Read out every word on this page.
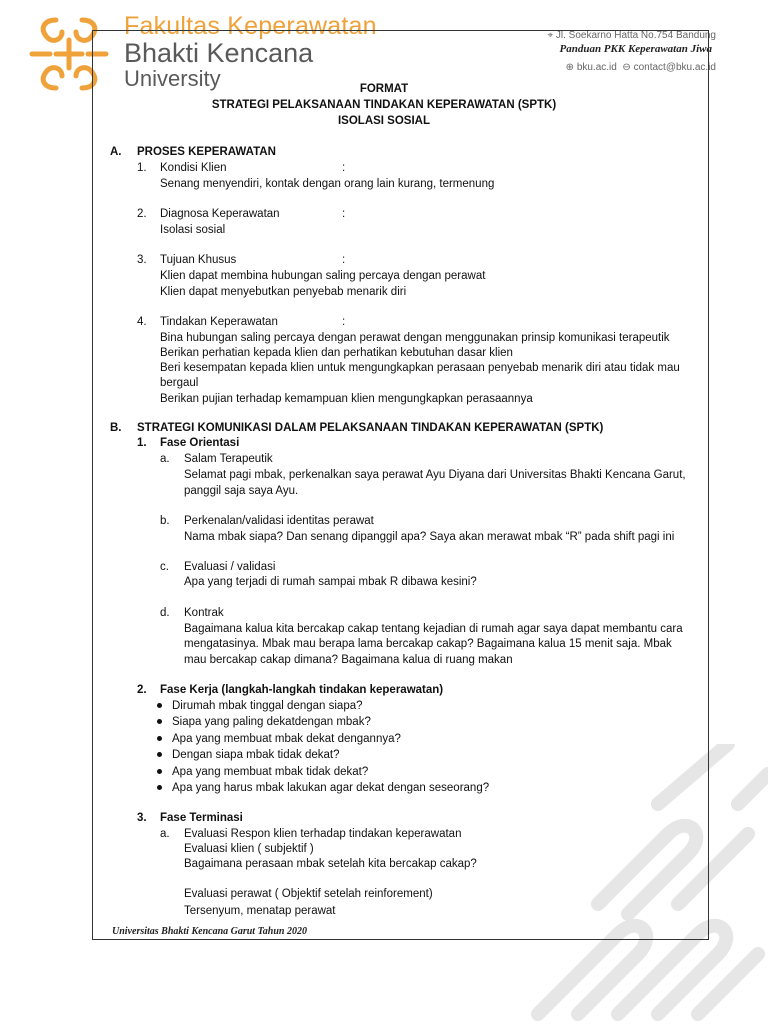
Fakultas Keperawatan
Bhakti Kencana
University
⌖ Jl. Soekarno Hatta No.754 Bandung
Panduan PKK Keperawatan Jiwa
⊕ bku.ac.id ⊖ contact@bku.ac.id
FORMAT
STRATEGI PELAKSANAAN TINDAKAN KEPERAWATAN (SPTK)
ISOLASI SOSIAL
A. PROSES KEPERAWATAN
1. Kondisi Klien	:
Senang menyendiri, kontak dengan orang lain kurang, termenung
2. Diagnosa Keperawatan	:
Isolasi sosial
3. Tujuan Khusus	:
Klien dapat membina hubungan saling percaya dengan perawat
Klien dapat menyebutkan penyebab menarik diri
4. Tindakan Keperawatan	:
Bina hubungan saling percaya dengan perawat dengan menggunakan prinsip komunikasi terapeutik
Berikan perhatian kepada klien dan perhatikan kebutuhan dasar klien
Beri kesempatan kepada klien untuk mengungkapkan perasaan penyebab menarik diri atau tidak mau
bergaul
Berikan pujian terhadap kemampuan klien mengungkapkan perasaannya
B. STRATEGI KOMUNIKASI DALAM PELAKSANAAN TINDAKAN KEPERAWATAN (SPTK)
1. Fase Orientasi
a. Salam Terapeutik
Selamat pagi mbak, perkenalkan saya perawat Ayu Diyana dari Universitas Bhakti Kencana Garut,
panggil saja saya Ayu.
b. Perkenalan/validasi identitas perawat
Nama mbak siapa? Dan senang dipanggil apa? Saya akan merawat mbak “R” pada shift pagi ini
c. Evaluasi / validasi
Apa yang terjadi di rumah sampai mbak R dibawa kesini?
d. Kontrak
Bagaimana kalua kita bercakap cakap tentang kejadian di rumah agar saya dapat membantu cara
mengatasinya. Mbak mau berapa lama bercakap cakap? Bagaimana kalua 15 menit saja. Mbak
mau bercakap cakap dimana? Bagaimana kalua di ruang makan
2. Fase Kerja (langkah-langkah tindakan keperawatan)
Dirumah mbak tinggal dengan siapa?
Siapa yang paling dekatdengan mbak?
Apa yang membuat mbak dekat dengannya?
Dengan siapa mbak tidak dekat?
Apa yang membuat mbak tidak dekat?
Apa yang harus mbak lakukan agar dekat dengan seseorang?
3. Fase Terminasi
a. Evaluasi Respon klien terhadap tindakan keperawatan
Evaluasi klien ( subjektif )
Bagaimana perasaan mbak setelah kita bercakap cakap?
Evaluasi perawat ( Objektif setelah reinforement)
Tersenyum, menatap perawat
Universitas Bhakti Kencana Garut Tahun 2020
